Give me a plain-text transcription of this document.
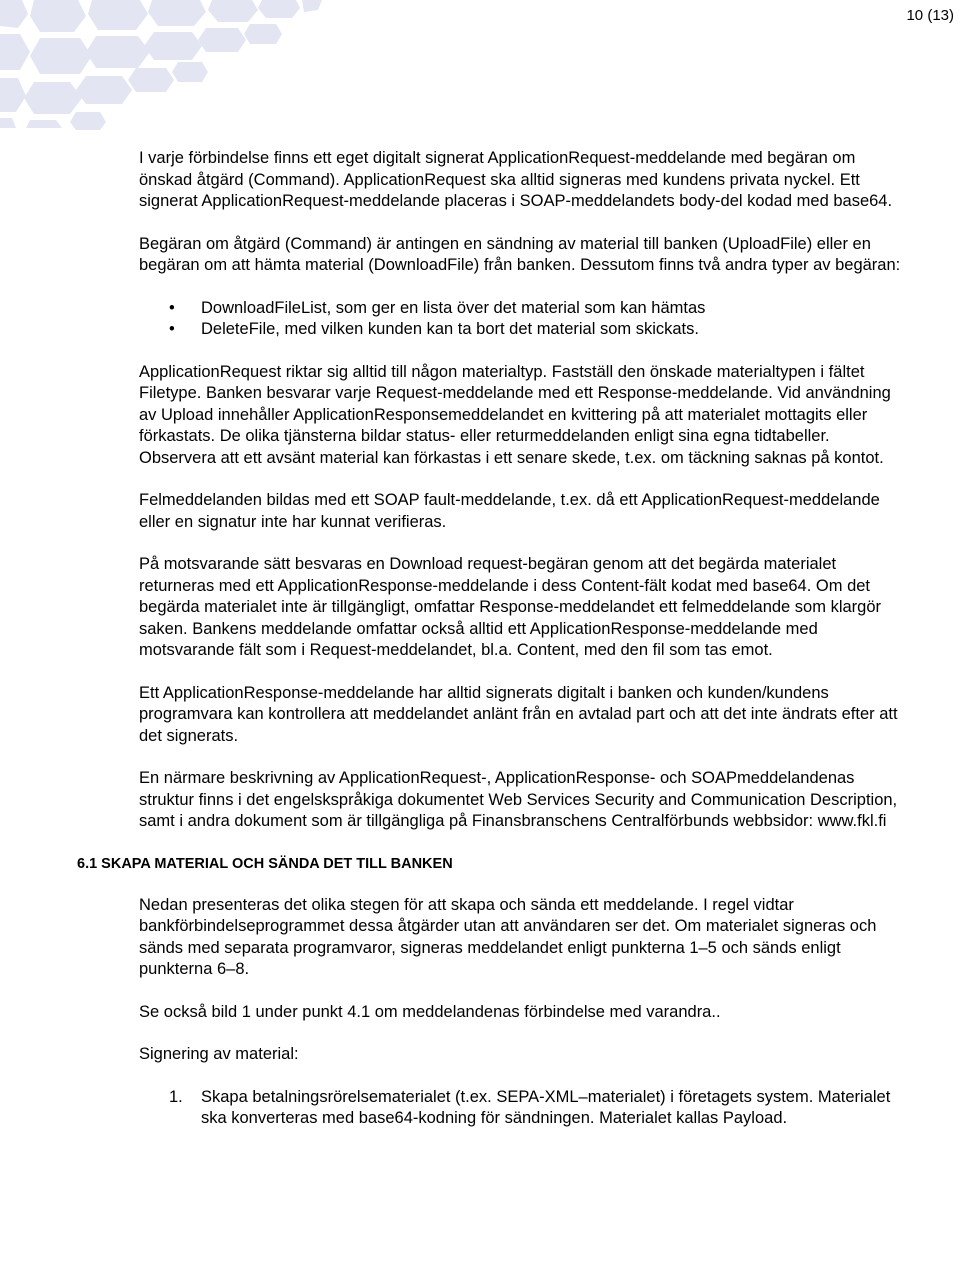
10 (13)

I varje förbindelse finns ett eget digitalt signerat ApplicationRequest-meddelande med begäran om önskad åtgärd (Command). ApplicationRequest ska alltid signeras med kundens privata nyckel. Ett signerat ApplicationRequest-meddelande placeras i SOAP-meddelandets body-del kodad med base64.

Begäran om åtgärd (Command) är antingen en sändning av material till banken (UploadFile) eller en begäran om att hämta material (DownloadFile) från banken. Dessutom finns två andra typer av begäran:

• DownloadFileList, som ger en lista över det material som kan hämtas
• DeleteFile, med vilken kunden kan ta bort det material som skickats.

ApplicationRequest riktar sig alltid till någon materialtyp. Fastställ den önskade materialtypen i fältet Filetype. Banken besvarar varje Request-meddelande med ett Response-meddelande. Vid användning av Upload innehåller ApplicationResponsemeddelandet en kvittering på att materialet mottagits eller förkastats. De olika tjänsterna bildar status- eller returmeddelanden enligt sina egna tidtabeller. Observera att ett avsänt material kan förkastas i ett senare skede, t.ex. om täckning saknas på kontot.

Felmeddelanden bildas med ett SOAP fault-meddelande, t.ex. då ett ApplicationRequest-meddelande eller en signatur inte har kunnat verifieras.

På motsvarande sätt besvaras en Download request-begäran genom att det begärda materialet returneras med ett ApplicationResponse-meddelande i dess Content-fält kodat med base64. Om det begärda materialet inte är tillgängligt, omfattar Response-meddelandet ett felmeddelande som klargör saken. Bankens meddelande omfattar också alltid ett ApplicationResponse-meddelande med motsvarande fält som i Request-meddelandet, bl.a. Content, med den fil som tas emot.

Ett ApplicationResponse-meddelande har alltid signerats digitalt i banken och kunden/kundens programvara kan kontrollera att meddelandet anlänt från en avtalad part och att det inte ändrats efter att det signerats.

En närmare beskrivning av ApplicationRequest-, ApplicationResponse- och SOAPmeddelandenas struktur finns i det engelskspråkiga dokumentet Web Services Security and Communication Description, samt i andra dokument som är tillgängliga på Finansbranschens Centralförbunds webbsidor: www.fkl.fi

6.1 SKAPA MATERIAL OCH SÄNDA DET TILL BANKEN

Nedan presenteras det olika stegen för att skapa och sända ett meddelande. I regel vidtar bankförbindelseprogrammet dessa åtgärder utan att användaren ser det. Om materialet signeras och sänds med separata programvaror, signeras meddelandet enligt punkterna 1–5 och sänds enligt punkterna 6–8.

Se också bild 1 under punkt 4.1 om meddelandenas förbindelse med varandra..

Signering av material:

1. Skapa betalningsrörelsematerialet (t.ex. SEPA-XML–materialet) i företagets system. Materialet ska konverteras med base64-kodning för sändningen. Materialet kallas Payload.
